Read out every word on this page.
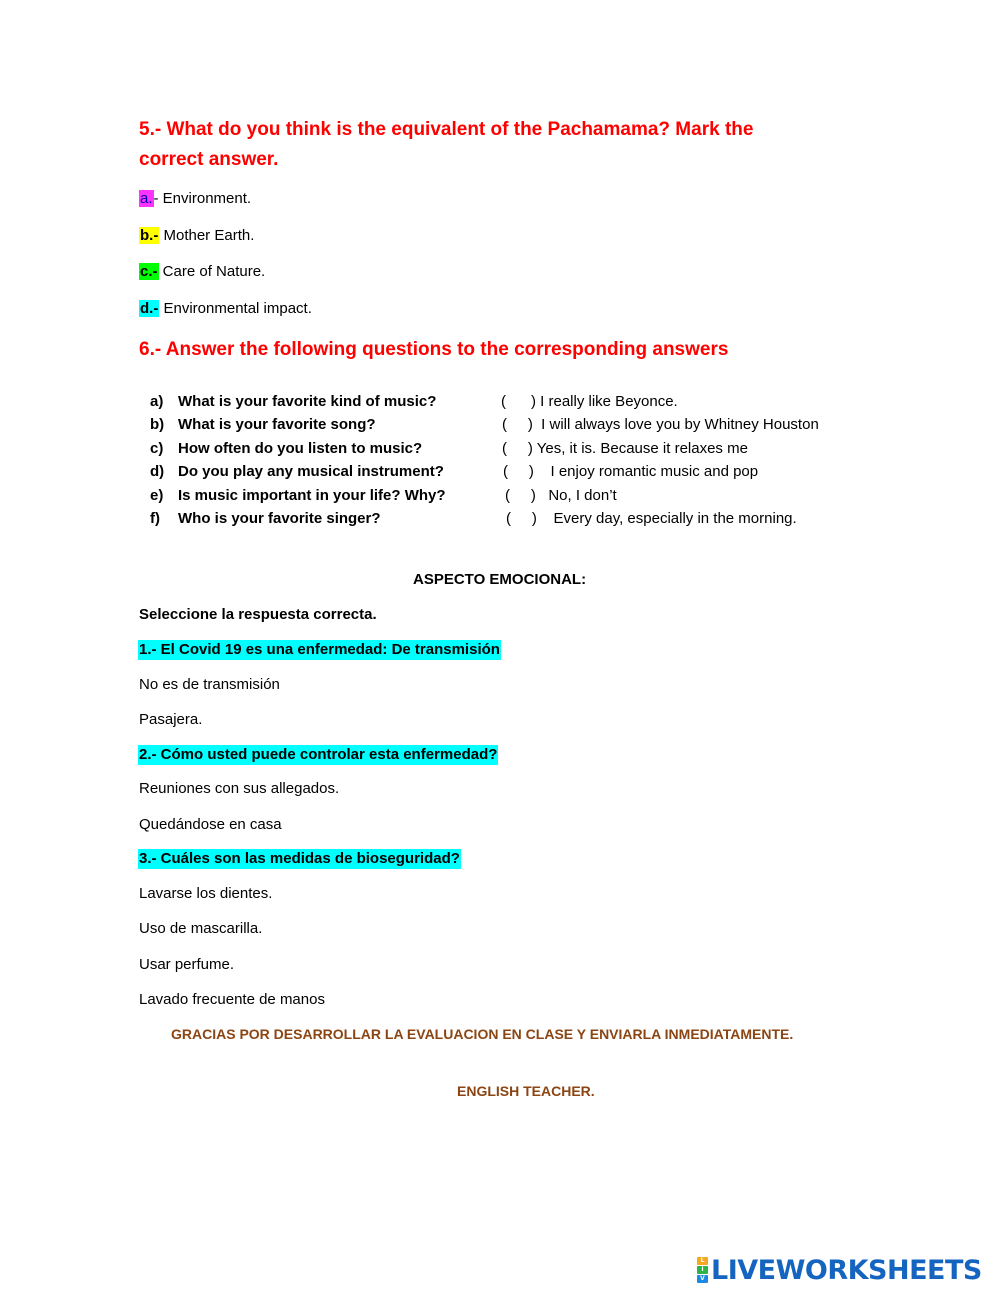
5.- What do you think is the equivalent of the Pachamama? Mark the
correct answer.
a.- Environment.
b.- Mother Earth.
c.- Care of Nature.
d.- Environmental impact.
6.- Answer the following questions to the corresponding answers
a) What is your favorite kind of music?
b) What is your favorite song?
c) How often do you listen to music?
d) Do you play any musical instrument?
e) Is music important in your life? Why?
f) Who is your favorite singer?
(      ) I really like Beyonce.
(     )  I will always love you by Whitney Houston
(     ) Yes, it is. Because it relaxes me
(     )    I enjoy romantic music and pop
(     )   No, I don’t
(     )    Every day, especially in the morning.
ASPECTO EMOCIONAL:
Seleccione la respuesta correcta.
1.- El Covid 19 es una enfermedad: De transmisión
No es de transmisión
Pasajera.
2.- Cómo usted puede controlar esta enfermedad?
Reuniones con sus allegados.
Quedándose en casa
3.- Cuáles son las medidas de bioseguridad?
Lavarse los dientes.
Uso de mascarilla.
Usar perfume.
Lavado frecuente de manos
GRACIAS POR DESARROLLAR LA EVALUACION EN CLASE Y ENVIARLA INMEDIATAMENTE.
ENGLISH TEACHER.
L
I
V LIVEWORKSHEETS
